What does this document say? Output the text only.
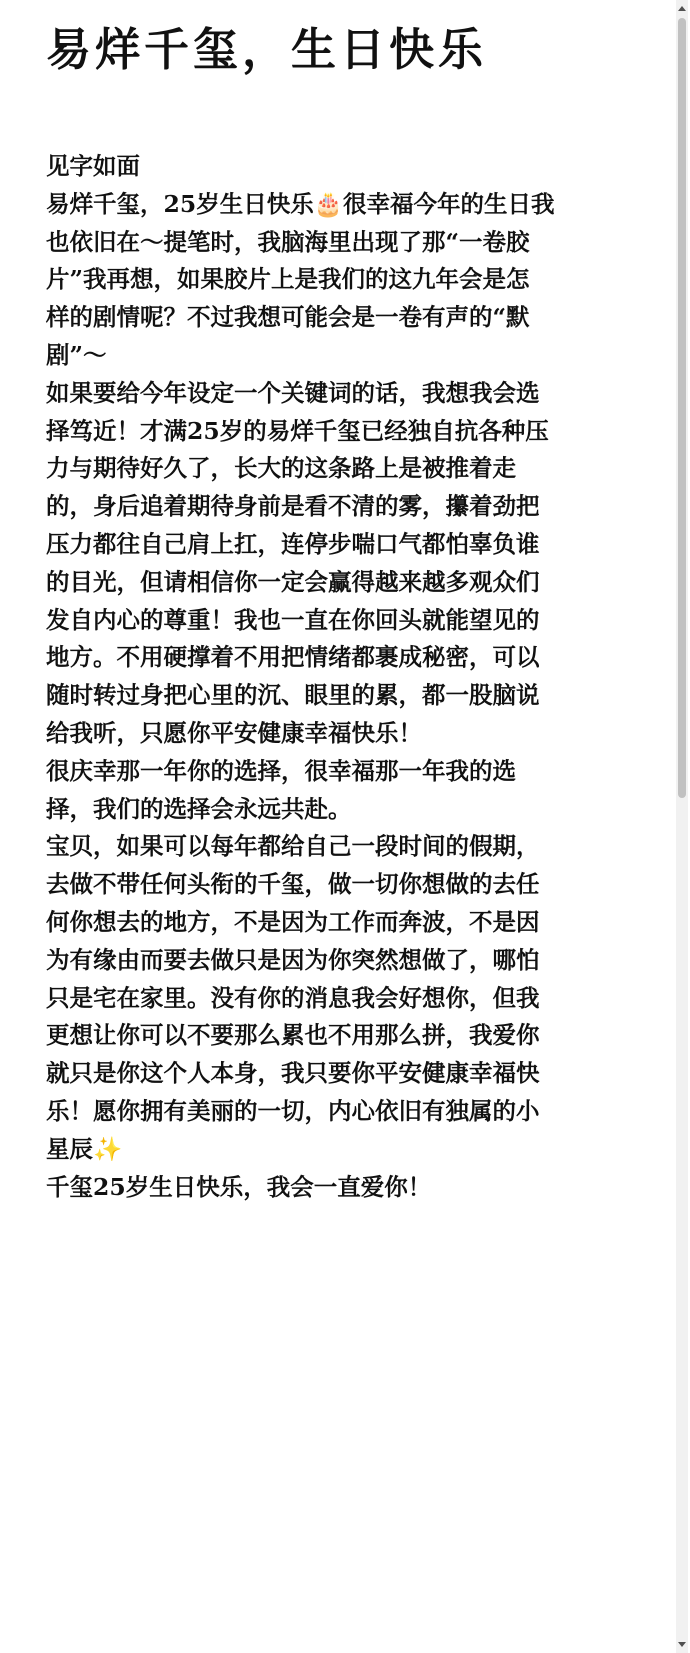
易烊千玺，生日快乐
见字如面
易烊千玺，25岁生日快乐🎂很幸福今年的生日我
也依旧在～提笔时，我脑海里出现了那“一卷胶
片”我再想，如果胶片上是我们的这九年会是怎
样的剧情呢？不过我想可能会是一卷有声的“默
剧”～
如果要给今年设定一个关键词的话，我想我会选
择笃近！才满25岁的易烊千玺已经独自抗各种压
力与期待好久了，长大的这条路上是被推着走
的，身后追着期待身前是看不清的雾，攥着劲把
压力都往自己肩上扛，连停步喘口气都怕辜负谁
的目光，但请相信你一定会赢得越来越多观众们
发自内心的尊重！我也一直在你回头就能望见的
地方。不用硬撑着不用把情绪都裹成秘密，可以
随时转过身把心里的沉、眼里的累，都一股脑说
给我听，只愿你平安健康幸福快乐！
很庆幸那一年你的选择，很幸福那一年我的选
择，我们的选择会永远共赴。
宝贝，如果可以每年都给自己一段时间的假期，
去做不带任何头衔的千玺，做一切你想做的去任
何你想去的地方，不是因为工作而奔波，不是因
为有缘由而要去做只是因为你突然想做了，哪怕
只是宅在家里。没有你的消息我会好想你，但我
更想让你可以不要那么累也不用那么拼，我爱你
就只是你这个人本身，我只要你平安健康幸福快
乐！愿你拥有美丽的一切，内心依旧有独属的小
星辰✨
千玺25岁生日快乐，我会一直爱你！
